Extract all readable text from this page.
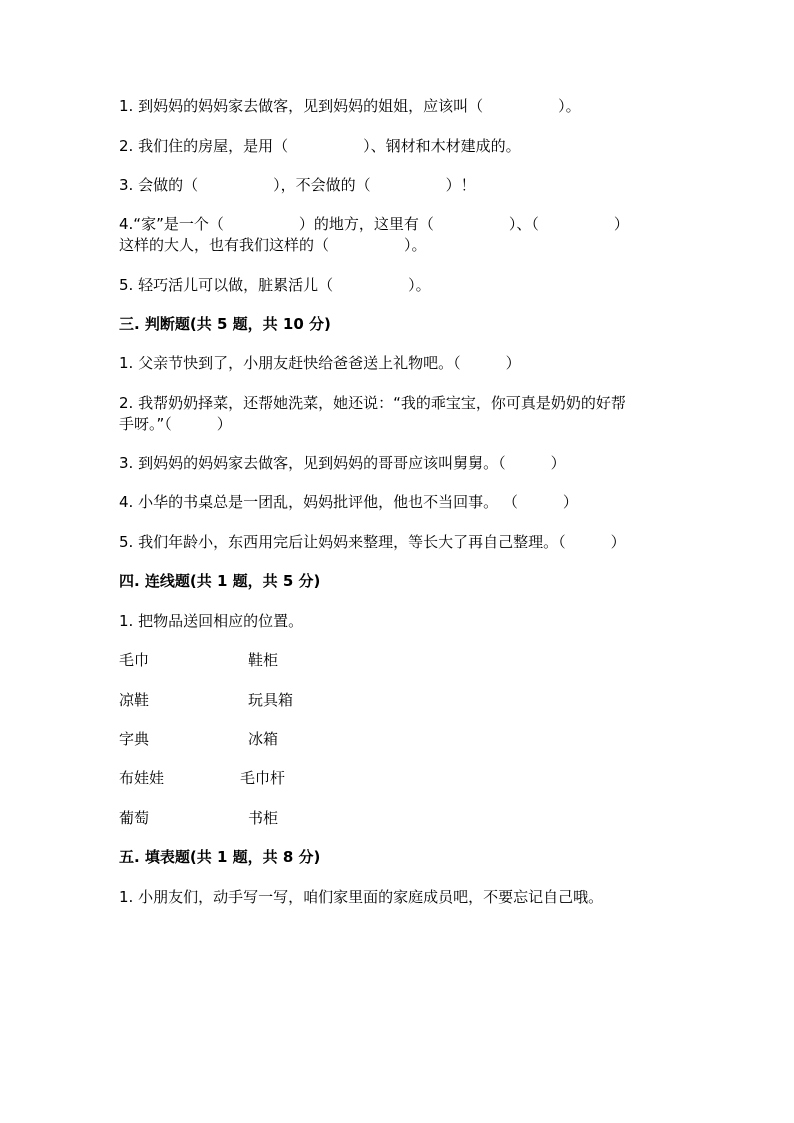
1. 到妈妈的妈妈家去做客，见到妈妈的姐姐，应该叫（　　　　　）。
2. 我们住的房屋，是用（　　　　　）、钢材和木材建成的。
3. 会做的（　　　　　），不会做的（　　　　　）！
4.“家”是一个（　　　　　）的地方，这里有（　　　　　）、（　　　　　）
这样的大人，也有我们这样的（　　　　　）。
5. 轻巧活儿可以做，脏累活儿（　　　　　）。
三. 判断题(共 5 题，共 10 分)
1. 父亲节快到了，小朋友赶快给爸爸送上礼物吧。（　　　）
2. 我帮奶奶择菜，还帮她洗菜，她还说：“我的乖宝宝，你可真是奶奶的好帮
手呀。”（　　　）
3. 到妈妈的妈妈家去做客，见到妈妈的哥哥应该叫舅舅。（　　　）
4. 小华的书桌总是一团乱，妈妈批评他，他也不当回事。 （　　　）
5. 我们年龄小，东西用完后让妈妈来整理，等长大了再自己整理。（　　　）
四. 连线题(共 1 题，共 5 分)
1. 把物品送回相应的位置。
毛巾	鞋柜
凉鞋	玩具箱
字典	冰箱
布娃娃	毛巾杆
葡萄	书柜
五. 填表题(共 1 题，共 8 分)
1. 小朋友们，动手写一写，咱们家里面的家庭成员吧，不要忘记自己哦。
